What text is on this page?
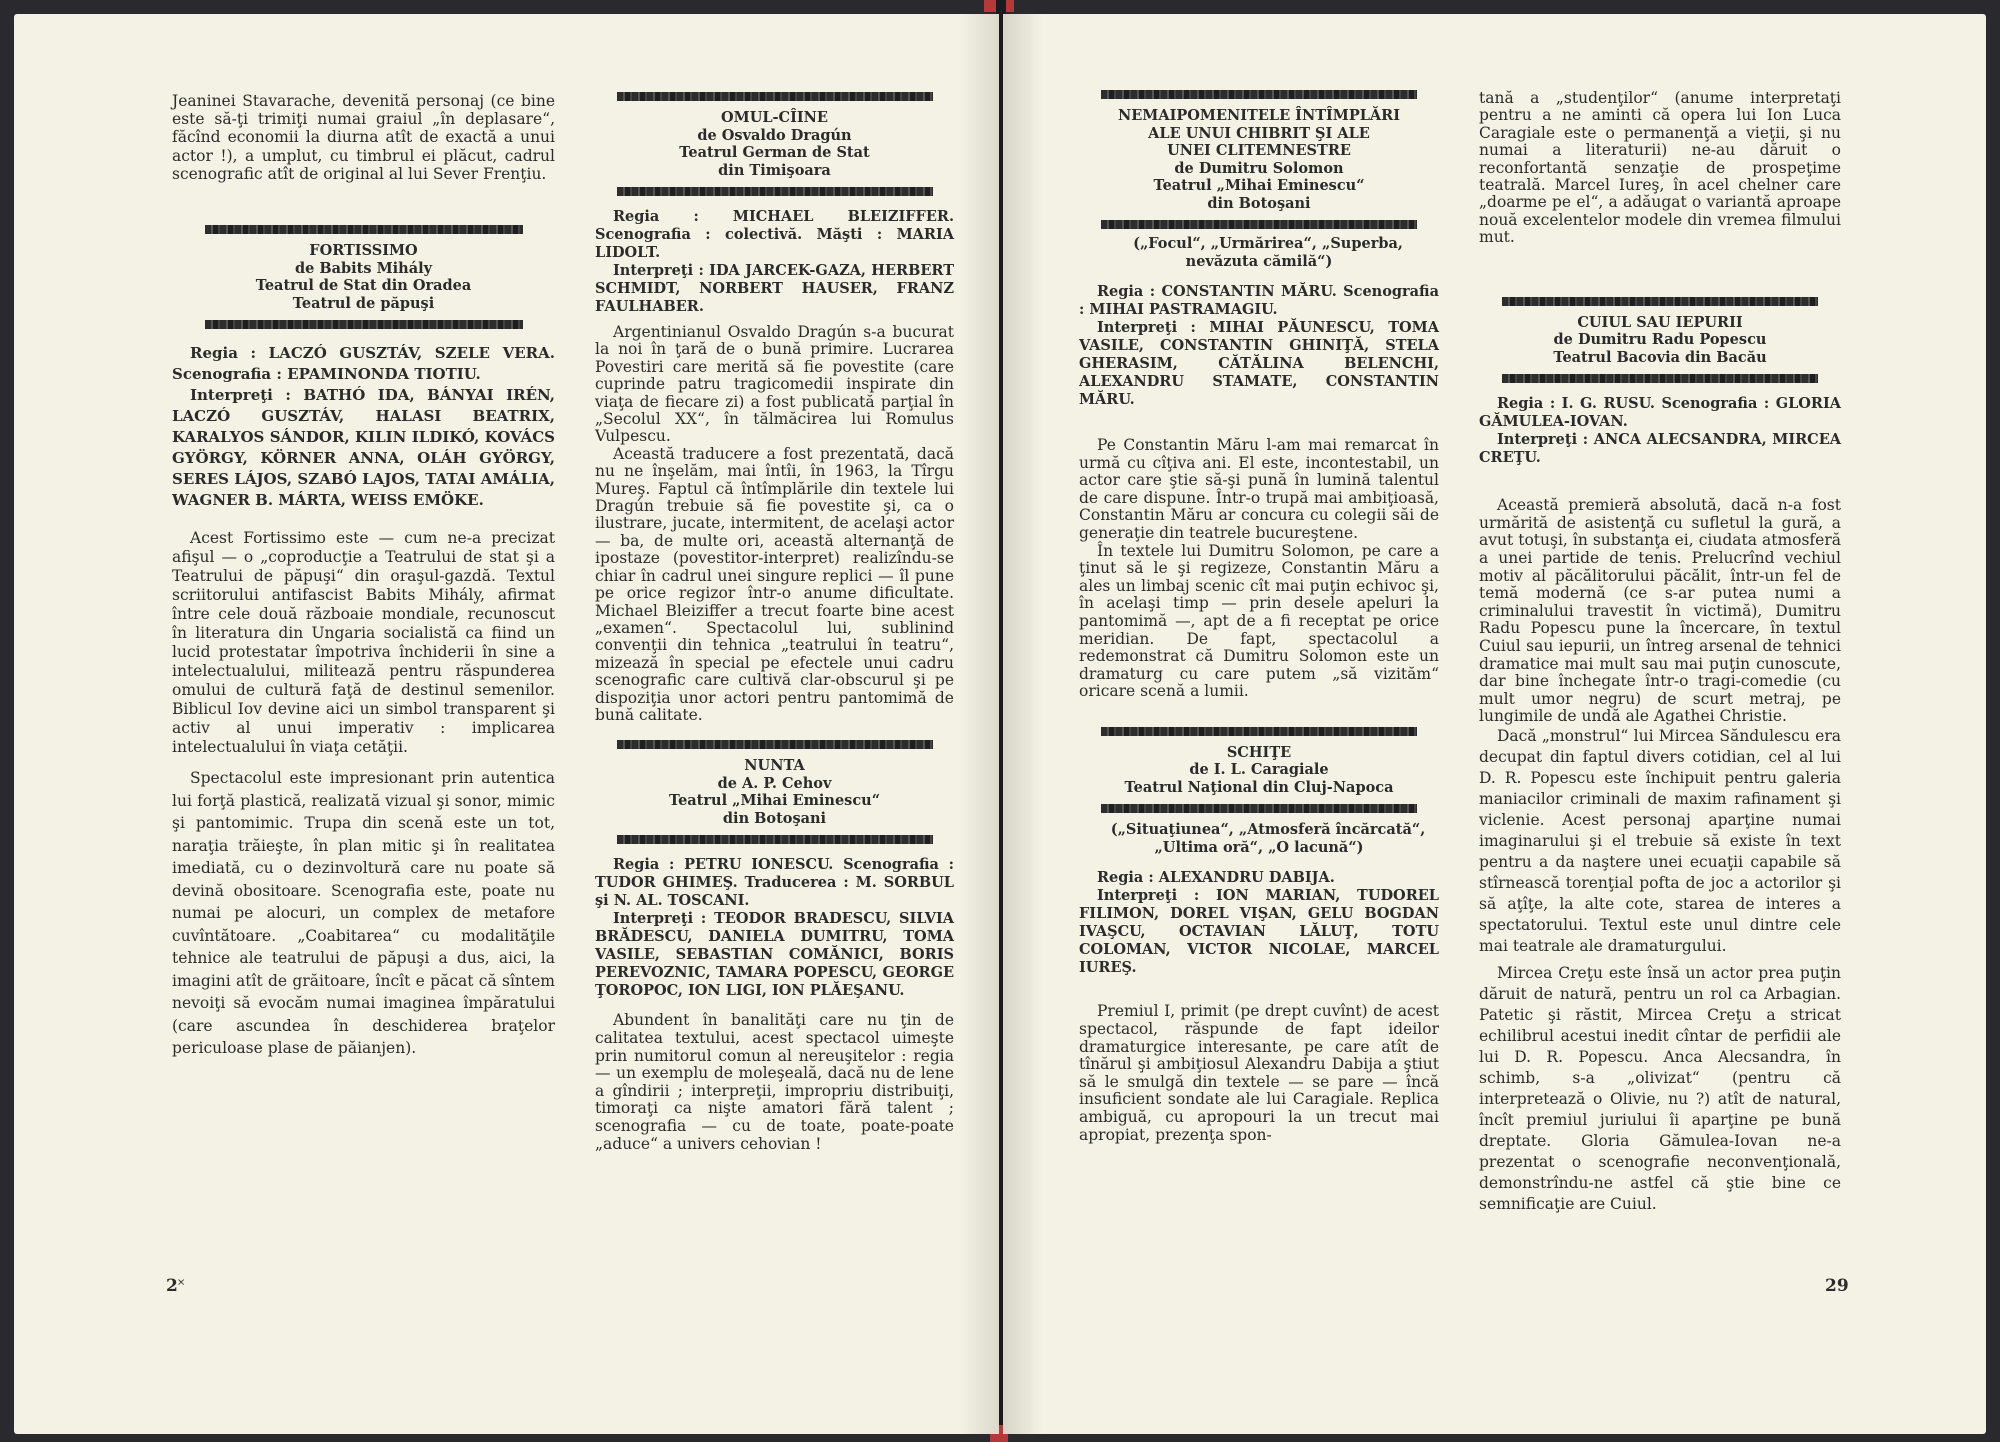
Jeaninei Stavarache, devenită personaj (ce bine este să-ţi trimiţi numai graiul „în deplasare“, făcînd economii la diurna atît de exactă a unui actor !), a umplut, cu timbrul ei plăcut, cadrul scenografic atît de original al lui Sever Frenţiu.

FORTISSIMO
de Babits Mihály
Teatrul de Stat din Oradea
Teatrul de păpuşi

Regia : LACZÓ GUSZTÁV, SZELE VERA. Scenografia : EPAMINONDA TIOTIU.

Interpreţi : BATHÓ IDA, BÁNYAI IRÉN, LACZÓ GUSZTÁV, HALASI BEATRIX, KARALYOS SÁNDOR, KILIN ILDIKÓ, KOVÁCS GYÖRGY, KÖRNER ANNA, OLÁH GYÖRGY, SERES LÁJOS, SZABÓ LAJOS, TATAI AMÁLIA, WAGNER B. MÁRTA, WEISS EMÖKE.

Acest Fortissimo este — cum ne-a precizat afişul — o „coproducţie a Teatrului de stat şi a Teatrului de păpuşi“ din oraşul-gazdă. Textul scriitorului antifascist Babits Mihály, afirmat între cele două războaie mondiale, recunoscut în literatura din Ungaria socialistă ca fiind un lucid protestatar împotriva închiderii în sine a intelectualului, militează pentru răspunderea omului de cultură faţă de destinul semenilor. Biblicul Iov devine aici un simbol transparent şi activ al unui imperativ : implicarea intelectualului în viaţa cetăţii.

Spectacolul este impresionant prin autentica lui forţă plastică, realizată vizual şi sonor, mimic şi pantomimic. Trupa din scenă este un tot, naraţia trăieşte, în plan mitic şi în realitatea imediată, cu o dezinvoltură care nu poate să devină obositoare. Scenografia este, poate nu numai pe alocuri, un complex de metafore cuvîntătoare. „Coabitarea“ cu modalităţile tehnice ale teatrului de păpuşi a dus, aici, la imagini atît de grăitoare, încît e păcat că sîntem nevoiţi să evocăm numai imaginea împăratului (care ascundea în deschiderea braţelor periculoase plase de păianjen).

OMUL-CÎINE
de Osvaldo Dragún
Teatrul German de Stat
din Timişoara

Regia : MICHAEL BLEIZIFFER. Scenografia : colectivă. Măşti : MARIA LIDOLT.

Interpreţi : IDA JARCEK-GAZA, HERBERT SCHMIDT, NORBERT HAUSER, FRANZ FAULHABER.

Argentinianul Osvaldo Dragún s-a bucurat la noi în ţară de o bună primire. Lucrarea Povestiri care merită să fie povestite (care cuprinde patru tragicomedii inspirate din viaţa de fiecare zi) a fost publicată parţial în „Secolul XX“, în tălmăcirea lui Romulus Vulpescu.

Această traducere a fost prezentată, dacă nu ne înşelăm, mai întîi, în 1963, la Tîrgu Mureş. Faptul că întîmplările din textele lui Dragún trebuie să fie povestite şi, ca o ilustrare, jucate, intermitent, de acelaşi actor — ba, de multe ori, această alternanţă de ipostaze (povestitor-interpret) realizîndu-se chiar în cadrul unei singure replici — îl pune pe orice regizor într-o anume dificultate. Michael Bleiziffer a trecut foarte bine acest „examen“. Spectacolul lui, sublinind convenţii din tehnica „teatrului în teatru“, mizează în special pe efectele unui cadru scenografic care cultivă clar-obscurul şi pe dispoziţia unor actori pentru pantomimă de bună calitate.

NUNTA
de A. P. Cehov
Teatrul „Mihai Eminescu“
din Botoşani

Regia : PETRU IONESCU. Scenografia : TUDOR GHIMEŞ. Traducerea : M. SORBUL şi N. AL. TOSCANI.

Interpreţi : TEODOR BRADESCU, SILVIA BRĂDESCU, DANIELA DUMITRU, TOMA VASILE, SEBASTIAN COMĂNICI, BORIS PEREVOZNIC, TAMARA POPESCU, GEORGE ŢOROPOC, ION LIGI, ION PLĂEŞANU.

Abundent în banalităţi care nu ţin de calitatea textului, acest spectacol uimeşte prin numitorul comun al nereuşitelor : regia — un exemplu de moleşeală, dacă nu de lene a gîndirii ; interpreţii, impropriu distribuiţi, timoraţi ca nişte amatori fără talent ; scenografia — cu de toate, poate-poate „aduce“ a univers cehovian !

2˟
NEMAIPOMENITELE ÎNTÎMPLĂRI
ALE UNUI CHIBRIT ŞI ALE
UNEI CLITEMNESTRE
de Dumitru Solomon
Teatrul „Mihai Eminescu“
din Botoşani

(„Focul“, „Urmărirea“, „Superba, nevăzuta cămilă“)

Regia : CONSTANTIN MĂRU. Scenografia : MIHAI PASTRAMAGIU.

Interpreţi : MIHAI PĂUNESCU, TOMA VASILE, CONSTANTIN GHINIŢĂ, STELA GHERASIM, CĂTĂLINA BELENCHI, ALEXANDRU STAMATE, CONSTANTIN MĂRU.

Pe Constantin Măru l-am mai remarcat în urmă cu cîţiva ani. El este, incontestabil, un actor care ştie să-şi pună în lumină talentul de care dispune. Într-o trupă mai ambiţioasă, Constantin Măru ar concura cu colegii săi de generaţie din teatrele bucureştene.

În textele lui Dumitru Solomon, pe care a ţinut să le şi regizeze, Constantin Măru a ales un limbaj scenic cît mai puţin echivoc şi, în acelaşi timp — prin desele apeluri la pantomimă —, apt de a fi receptat pe orice meridian. De fapt, spectacolul a redemonstrat că Dumitru Solomon este un dramaturg cu care putem „să vizităm“ oricare scenă a lumii.

SCHIŢE
de I. L. Caragiale
Teatrul Naţional din Cluj-Napoca

(„Situaţiunea“, „Atmosferă încărcată“, „Ultima oră“, „O lacună“)

Regia : ALEXANDRU DABIJA.

Interpreţi : ION MARIAN, TUDOREL FILIMON, DOREL VIŞAN, GELU BOGDAN IVAŞCU, OCTAVIAN LĂLUŢ, TOTU COLOMAN, VICTOR NICOLAE, MARCEL IUREŞ.

Premiul I, primit (pe drept cuvînt) de acest spectacol, răspunde de fapt ideilor dramaturgice interesante, pe care atît de tînărul şi ambiţiosul Alexandru Dabija a ştiut să le smulgă din textele — se pare — încă insuficient sondate ale lui Caragiale. Replica ambiguă, cu apropouri la un trecut mai apropiat, prezenţa spon-

tană a „studenţilor“ (anume interpretaţi pentru a ne aminti că opera lui Ion Luca Caragiale este o permanenţă a vieţii, şi nu numai a literaturii) ne-au dăruit o reconfortantă senzaţie de prospeţime teatrală. Marcel Iureş, în acel chelner care „doarme pe el“, a adăugat o variantă aproape nouă excelentelor modele din vremea filmului mut.

CUIUL SAU IEPURII
de Dumitru Radu Popescu
Teatrul Bacovia din Bacău

Regia : I. G. RUSU. Scenografia : GLORIA GĂMULEA-IOVAN.

Interpreţi : ANCA ALECSANDRA, MIRCEA CREŢU.

Această premieră absolută, dacă n-a fost urmărită de asistenţă cu sufletul la gură, a avut totuşi, în substanţa ei, ciudata atmosferă a unei partide de tenis. Prelucrînd vechiul motiv al păcălitorului păcălit, într-un fel de temă modernă (ce s-ar putea numi a criminalului travestit în victimă), Dumitru Radu Popescu pune la încercare, în textul Cuiul sau iepurii, un întreg arsenal de tehnici dramatice mai mult sau mai puţin cunoscute, dar bine închegate într-o tragi-comedie (cu mult umor negru) de scurt metraj, pe lungimile de undă ale Agathei Christie.

Dacă „monstrul“ lui Mircea Săndulescu era decupat din faptul divers cotidian, cel al lui D. R. Popescu este închipuit pentru galeria maniacilor criminali de maxim rafinament şi viclenie. Acest personaj aparţine numai imaginarului şi el trebuie să existe în text pentru a da naştere unei ecuaţii capabile să stîrnească torenţial pofta de joc a actorilor şi să aţîţe, la alte cote, starea de interes a spectatorului. Textul este unul dintre cele mai teatrale ale dramaturgului.

Mircea Creţu este însă un actor prea puţin dăruit de natură, pentru un rol ca Arbagian. Patetic şi răstit, Mircea Creţu a stricat echilibrul acestui inedit cîntar de perfidii ale lui D. R. Popescu. Anca Alecsandra, în schimb, s-a „olivizat“ (pentru că interpretează o Olivie, nu ?) atît de natural, încît premiul juriului îi aparţine pe bună dreptate. Gloria Gămulea-Iovan ne-a prezentat o scenografie neconvenţională, demonstrîndu-ne astfel că ştie bine ce semnificaţie are Cuiul.

29
